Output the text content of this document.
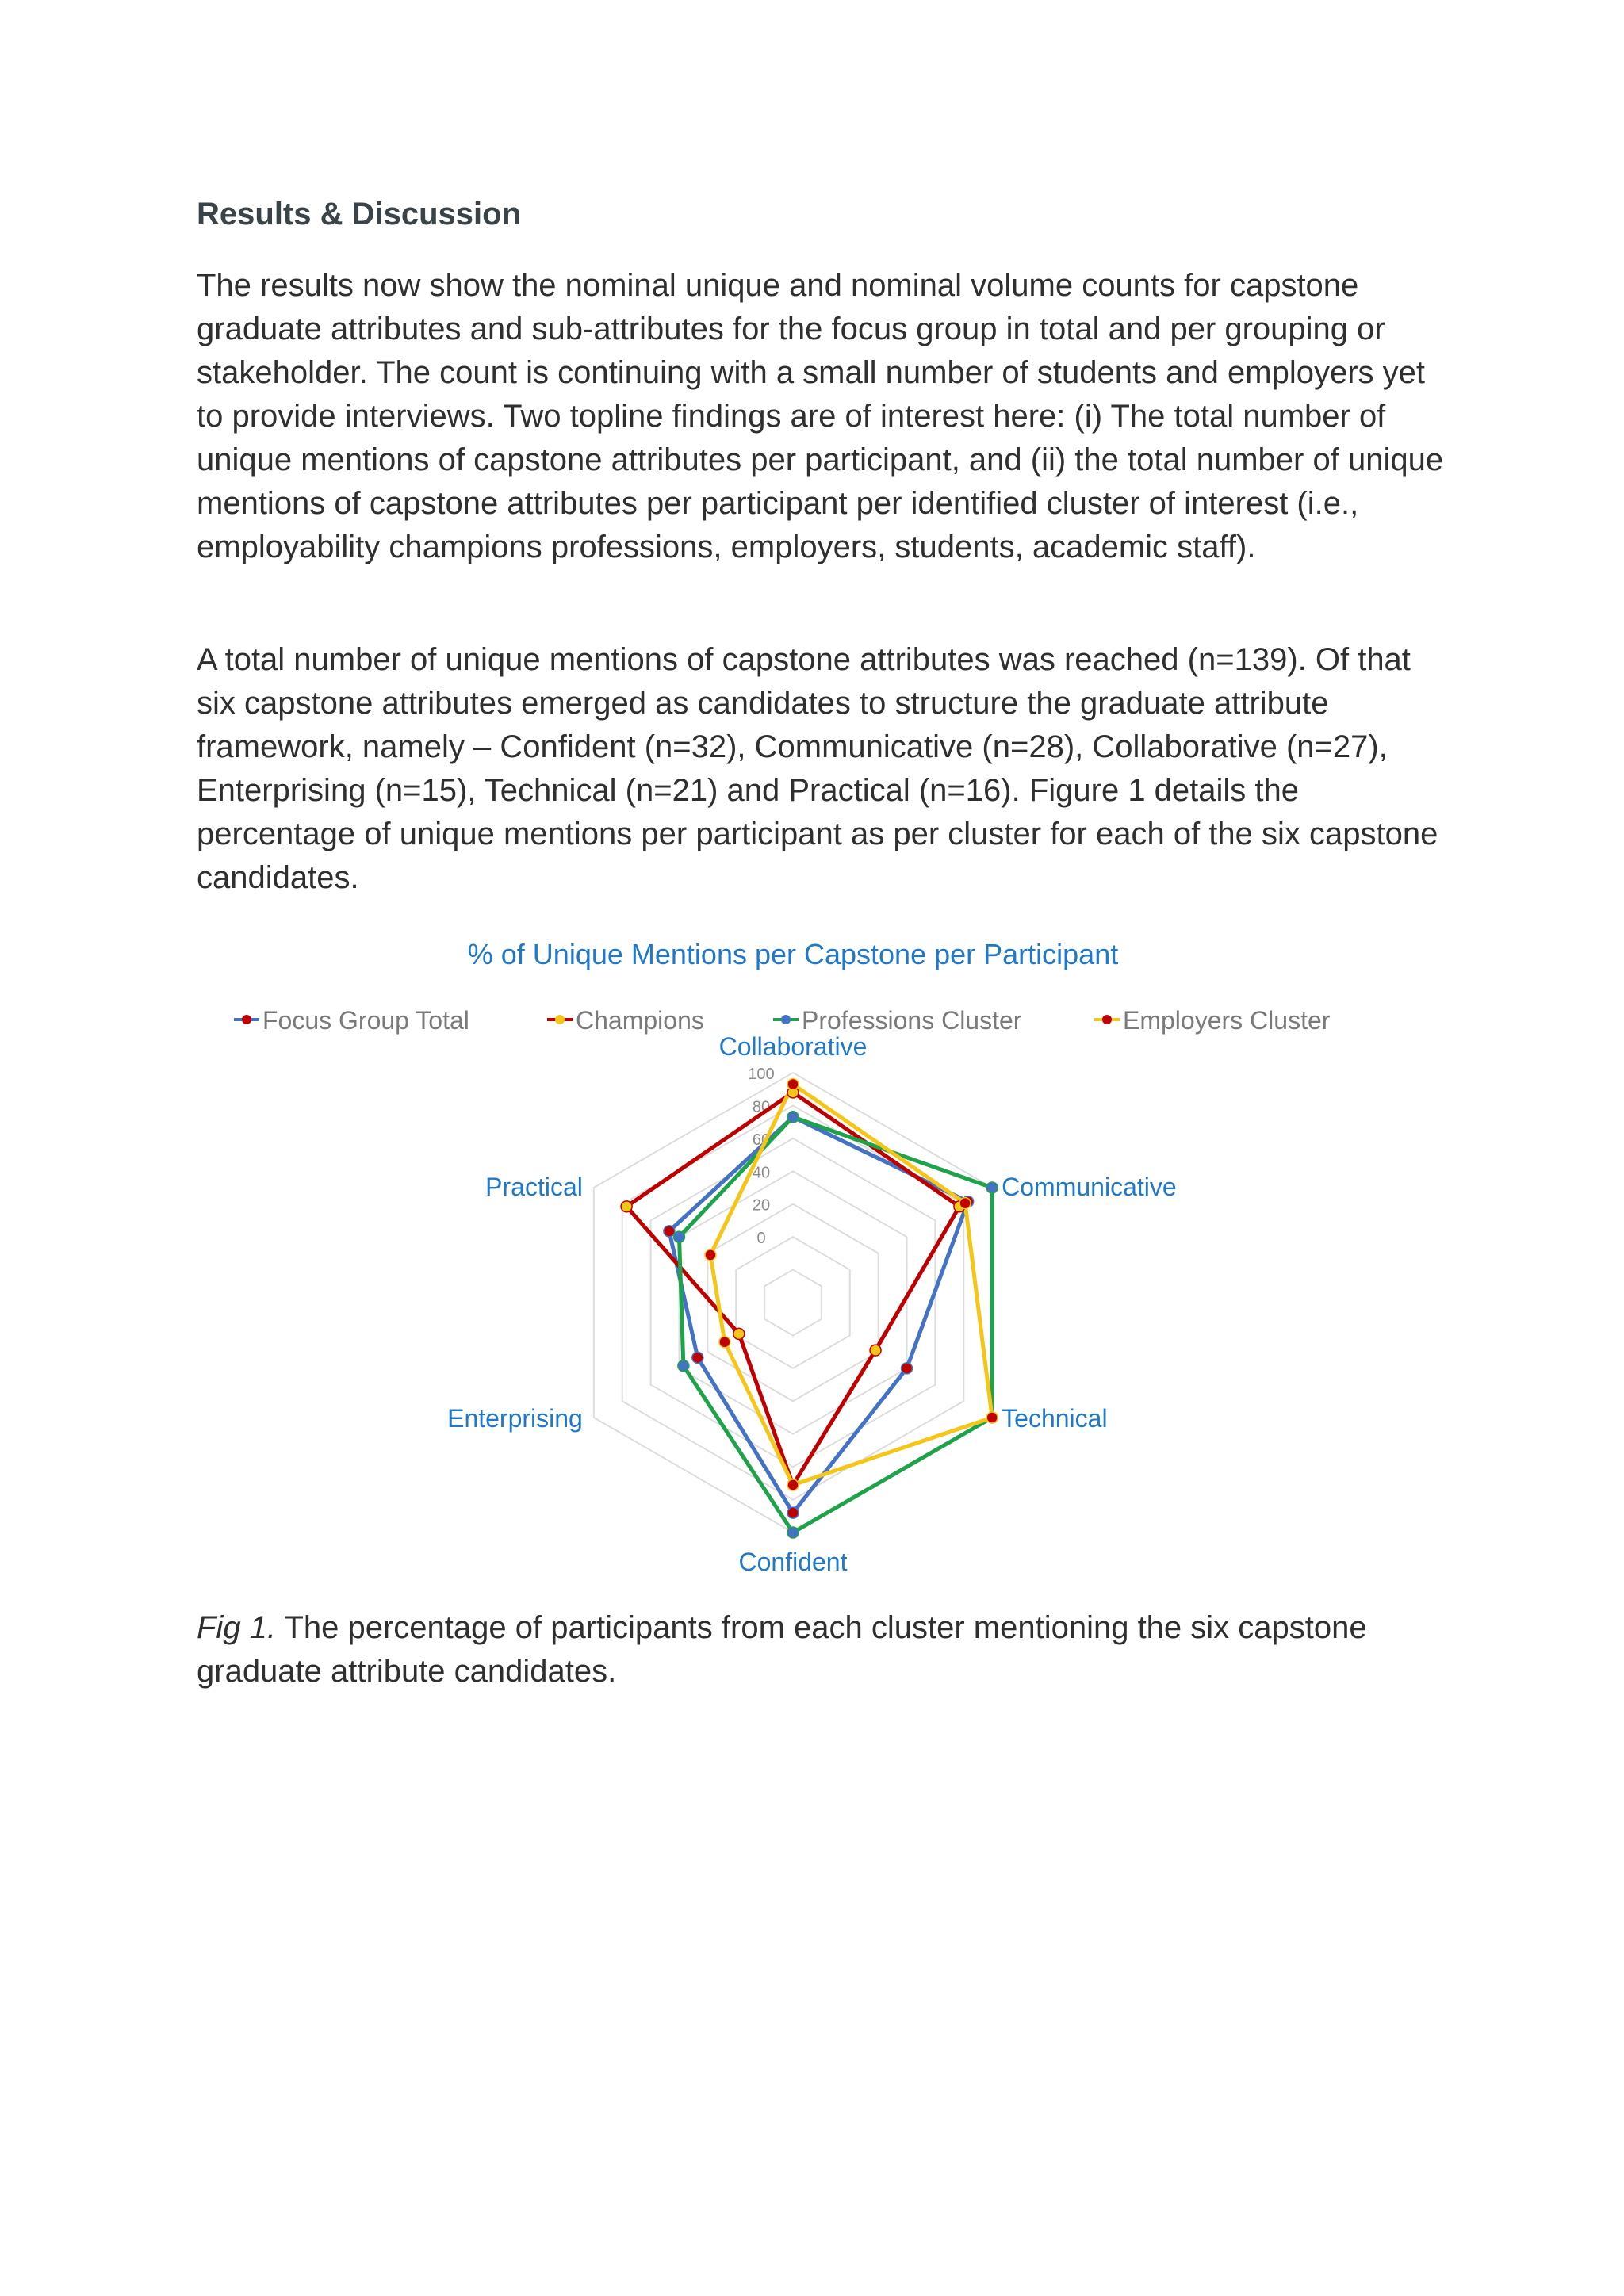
Results & Discussion

The results now show the nominal unique and nominal volume counts for capstone graduate attributes and sub-attributes for the focus group in total and per grouping or stakeholder. The count is continuing with a small number of students and employers yet to provide interviews. Two topline findings are of interest here: (i) The total number of unique mentions of capstone attributes per participant, and (ii) the total number of unique mentions of capstone attributes per participant per identified cluster of interest (i.e., employability champions professions, employers, students, academic staff).

A total number of unique mentions of capstone attributes was reached (n=139). Of that six capstone attributes emerged as candidates to structure the graduate attribute framework, namely – Confident (n=32), Communicative (n=28), Collaborative (n=27), Enterprising (n=15), Technical (n=21) and Practical (n=16). Figure 1 details the percentage of unique mentions per participant as per cluster for each of the six capstone candidates.

% of Unique Mentions per Capstone per Participant
Focus Group Total	Champions	Professions Cluster	Employers Cluster
0
20
40
60
80
100
Collaborative
Communicative
Technical
Confident
Enterprising
Practical

Fig 1. The percentage of participants from each cluster mentioning the six capstone graduate attribute candidates.
